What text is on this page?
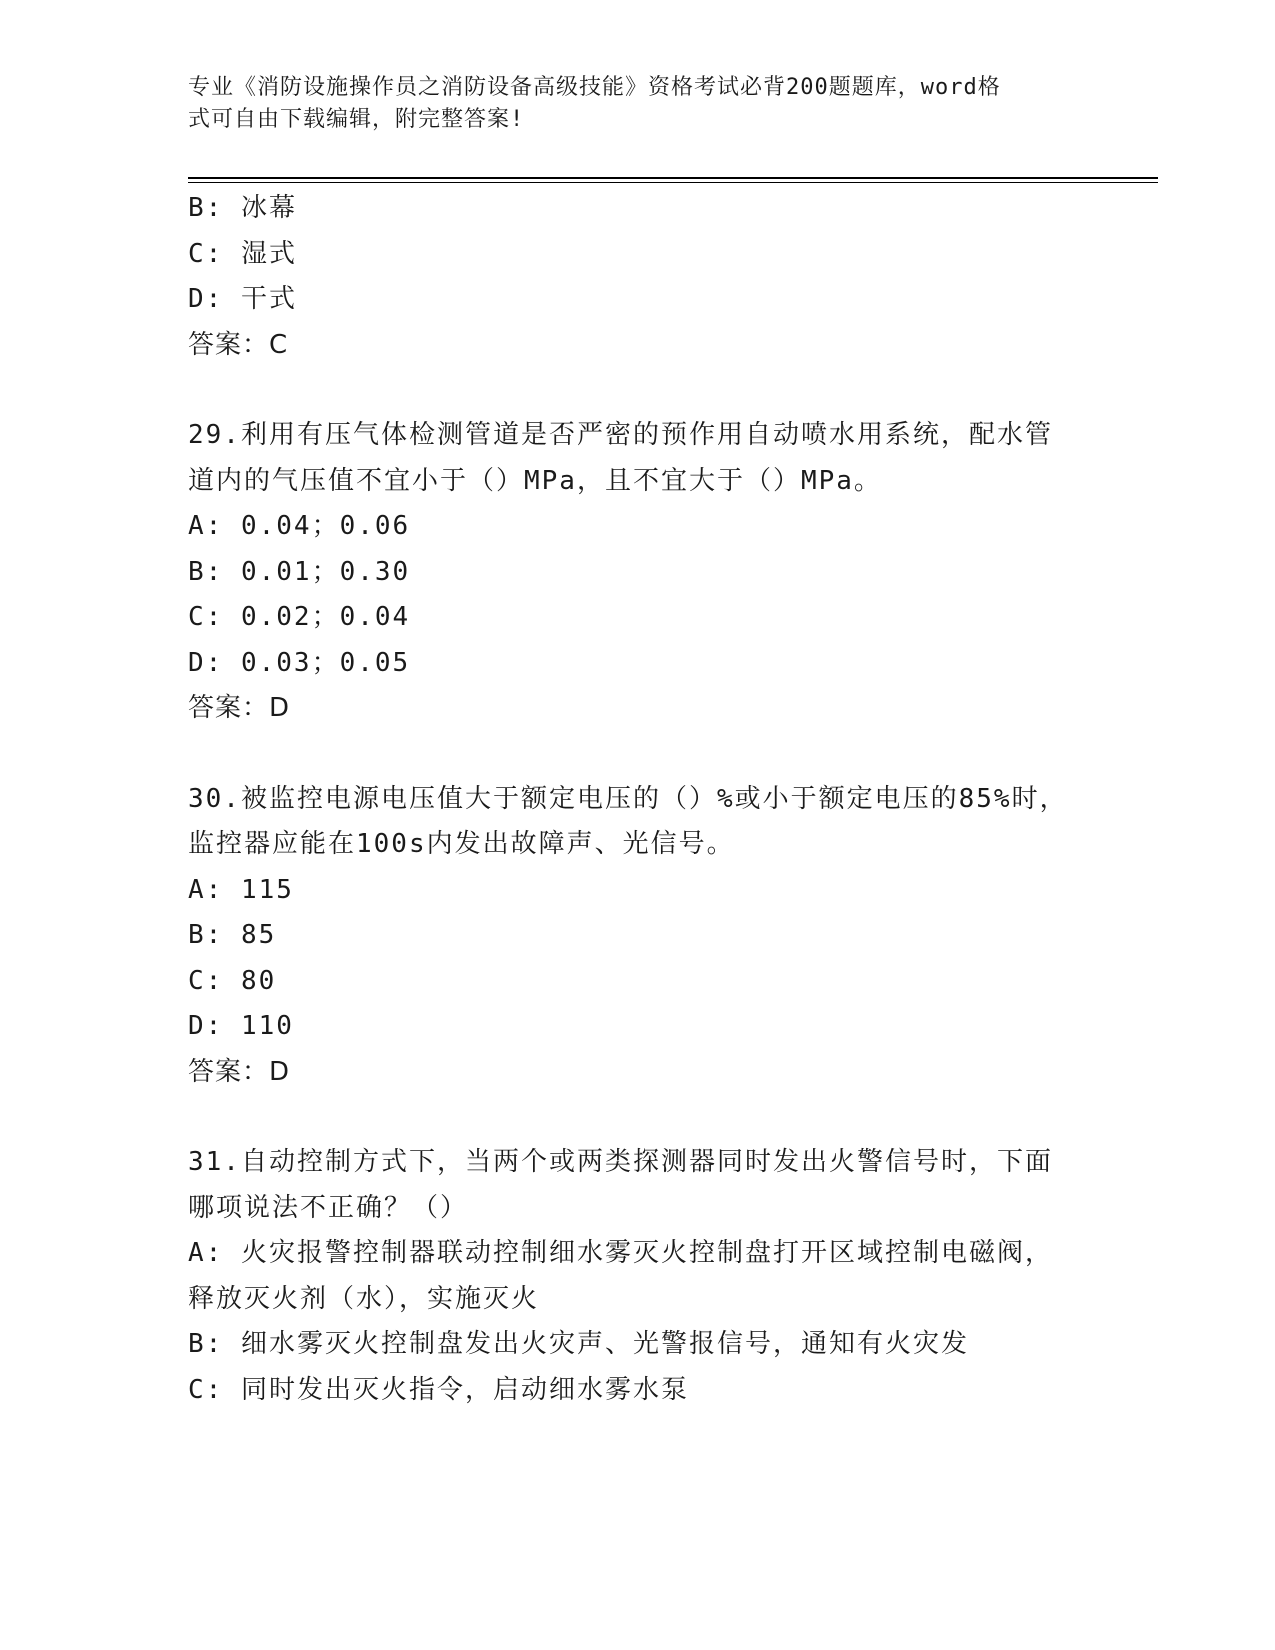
专业《消防设施操作员之消防设备高级技能》资格考试必背200题题库，word格
式可自由下载编辑，附完整答案!
B: 冰幕
C: 湿式
D: 干式
答案：C
29.利用有压气体检测管道是否严密的预作用自动喷水用系统，配水管
道内的气压值不宜小于（）MPa，且不宜大于（）MPa。
A: 0.04；0.06
B: 0.01；0.30
C: 0.02；0.04
D: 0.03；0.05
答案：D
30.被监控电源电压值大于额定电压的（）%或小于额定电压的85%时，
监控器应能在100s内发出故障声、光信号。
A: 115
B: 85
C: 80
D: 110
答案：D
31.自动控制方式下，当两个或两类探测器同时发出火警信号时，下面
哪项说法不正确？（）
A: 火灾报警控制器联动控制细水雾灭火控制盘打开区域控制电磁阀，
释放灭火剂（水），实施灭火
B: 细水雾灭火控制盘发出火灾声、光警报信号，通知有火灾发
C: 同时发出灭火指令，启动细水雾水泵
